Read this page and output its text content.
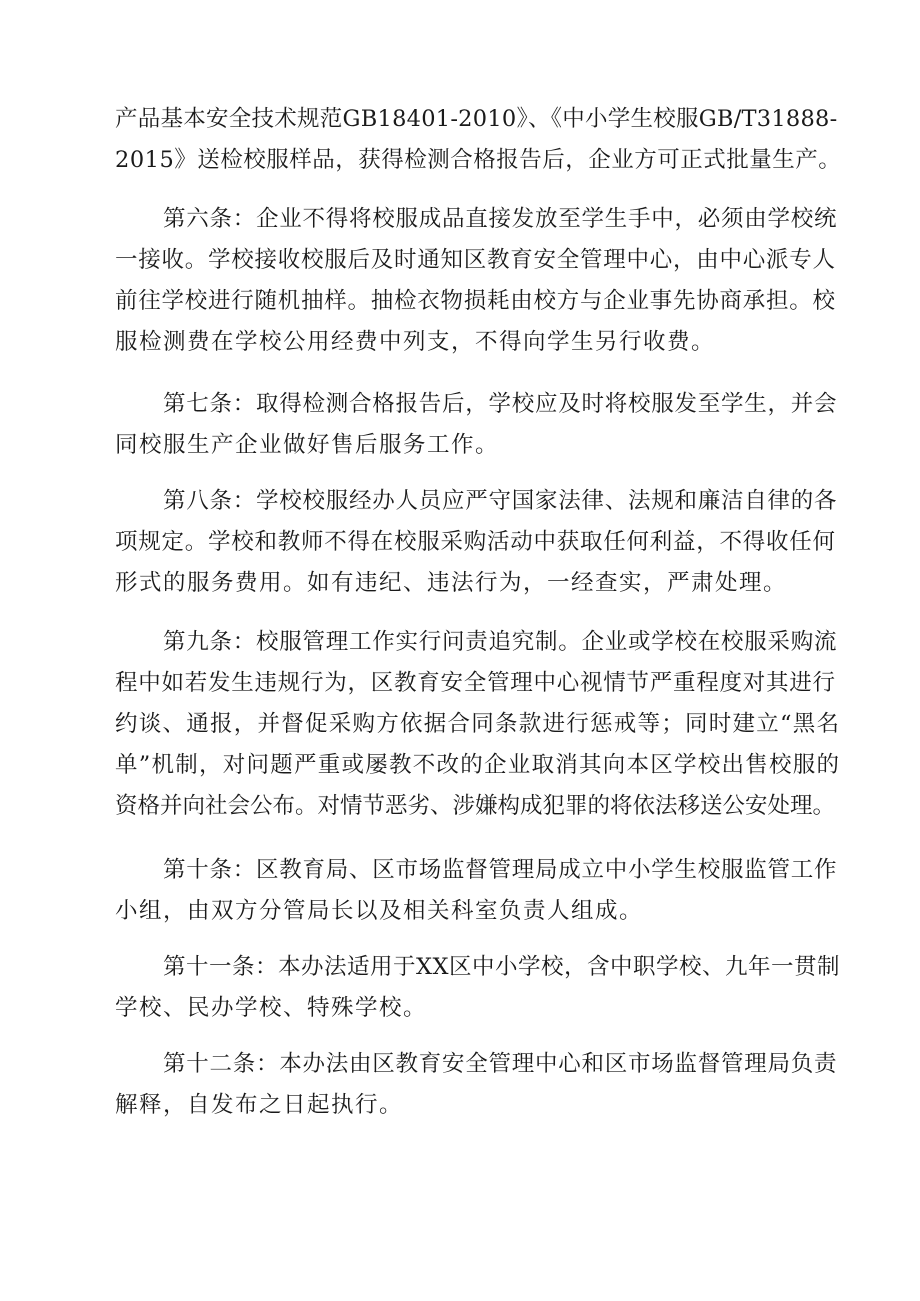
产品基本安全技术规范GB18401-2010》、《中小学生校服GB/T31888-
2015》送检校服样品，获得检测合格报告后，企业方可正式批量生产。
第六条：企业不得将校服成品直接发放至学生手中，必须由学校统
一接收。学校接收校服后及时通知区教育安全管理中心，由中心派专人
前往学校进行随机抽样。抽检衣物损耗由校方与企业事先协商承担。校
服检测费在学校公用经费中列支，不得向学生另行收费。
第七条：取得检测合格报告后，学校应及时将校服发至学生，并会
同校服生产企业做好售后服务工作。
第八条：学校校服经办人员应严守国家法律、法规和廉洁自律的各
项规定。学校和教师不得在校服采购活动中获取任何利益，不得收任何
形式的服务费用。如有违纪、违法行为，一经查实，严肃处理。
第九条：校服管理工作实行问责追究制。企业或学校在校服采购流
程中如若发生违规行为，区教育安全管理中心视情节严重程度对其进行
约谈、通报，并督促采购方依据合同条款进行惩戒等；同时建立“黑名
单”机制，对问题严重或屡教不改的企业取消其向本区学校出售校服的
资格并向社会公布。对情节恶劣、涉嫌构成犯罪的将依法移送公安处理。
第十条：区教育局、区市场监督管理局成立中小学生校服监管工作
小组，由双方分管局长以及相关科室负责人组成。
第十一条：本办法适用于XX区中小学校，含中职学校、九年一贯制
学校、民办学校、特殊学校。
第十二条：本办法由区教育安全管理中心和区市场监督管理局负责
解释，自发布之日起执行。
